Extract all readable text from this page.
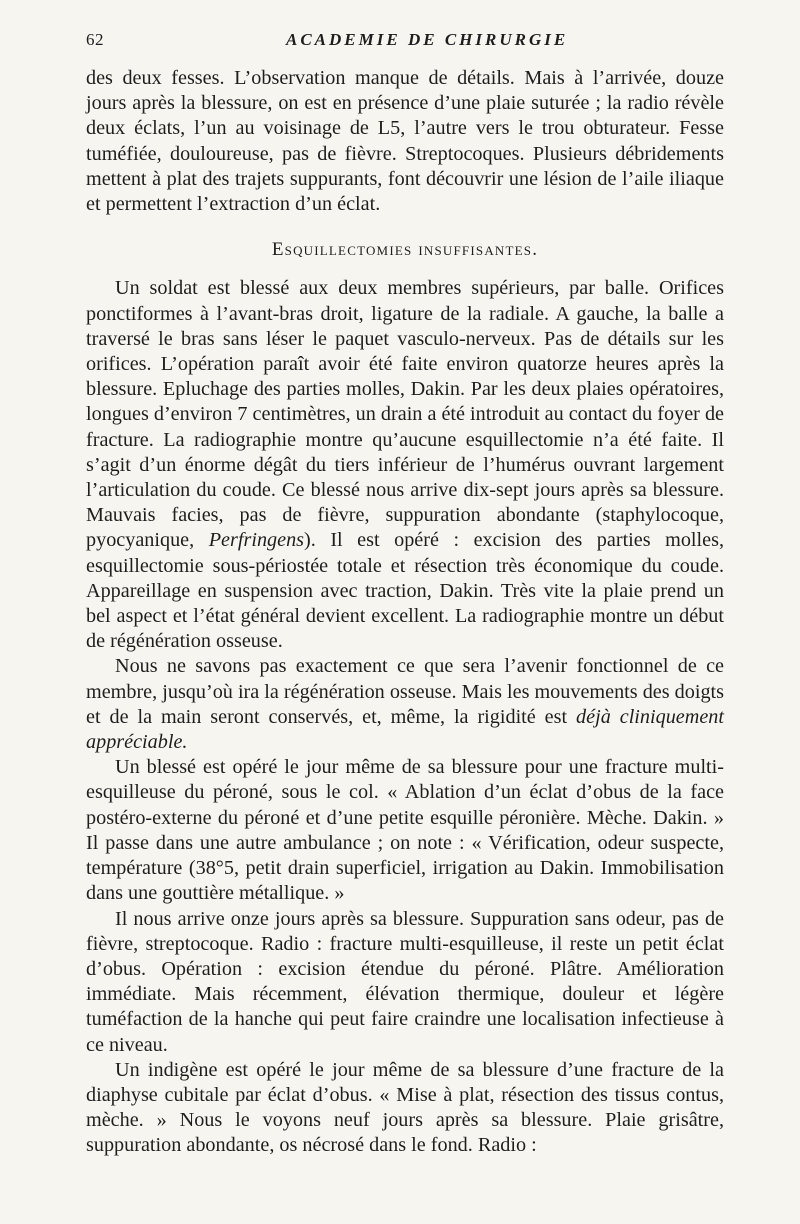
62	ACADEMIE DE CHIRURGIE

des deux fesses. L’observation manque de détails. Mais à l’arrivée, douze jours après la blessure, on est en présence d’une plaie suturée ; la radio révèle deux éclats, l’un au voisinage de L5, l’autre vers le trou obturateur. Fesse tuméfiée, douloureuse, pas de fièvre. Streptocoques. Plusieurs débridements mettent à plat des trajets suppurants, font découvrir une lésion de l’aile iliaque et permettent l’extraction d’un éclat.

Esquillectomies insuffisantes.

Un soldat est blessé aux deux membres supérieurs, par balle. Orifices ponctiformes à l’avant-bras droit, ligature de la radiale. A gauche, la balle a traversé le bras sans léser le paquet vasculo-nerveux. Pas de détails sur les orifices. L’opération paraît avoir été faite environ quatorze heures après la blessure. Epluchage des parties molles, Dakin. Par les deux plaies opératoires, longues d’environ 7 centimètres, un drain a été introduit au contact du foyer de fracture. La radiographie montre qu’aucune esquillectomie n’a été faite. Il s’agit d’un énorme dégât du tiers inférieur de l’humérus ouvrant largement l’articulation du coude. Ce blessé nous arrive dix-sept jours après sa blessure. Mauvais facies, pas de fièvre, suppuration abondante (staphylocoque, pyocyanique, Perfringens). Il est opéré : excision des parties molles, esquillectomie sous-périostée totale et résection très économique du coude. Appareillage en suspension avec traction, Dakin. Très vite la plaie prend un bel aspect et l’état général devient excellent. La radiographie montre un début de régénération osseuse.

Nous ne savons pas exactement ce que sera l’avenir fonctionnel de ce membre, jusqu’où ira la régénération osseuse. Mais les mouvements des doigts et de la main seront conservés, et, même, la rigidité est déjà cliniquement appréciable.

Un blessé est opéré le jour même de sa blessure pour une fracture multi-esquilleuse du péroné, sous le col. « Ablation d’un éclat d’obus de la face postéro-externe du péroné et d’une petite esquille péronière. Mèche. Dakin. » Il passe dans une autre ambulance ; on note : « Vérification, odeur suspecte, température (38°5, petit drain superficiel, irrigation au Dakin. Immobilisation dans une gouttière métallique. »

Il nous arrive onze jours après sa blessure. Suppuration sans odeur, pas de fièvre, streptocoque. Radio : fracture multi-esquilleuse, il reste un petit éclat d’obus. Opération : excision étendue du péroné. Plâtre. Amélioration immédiate. Mais récemment, élévation thermique, douleur et légère tuméfaction de la hanche qui peut faire craindre une localisation infectieuse à ce niveau.

Un indigène est opéré le jour même de sa blessure d’une fracture de la diaphyse cubitale par éclat d’obus. « Mise à plat, résection des tissus contus, mèche. » Nous le voyons neuf jours après sa blessure. Plaie grisâtre, suppuration abondante, os nécrosé dans le fond. Radio :
